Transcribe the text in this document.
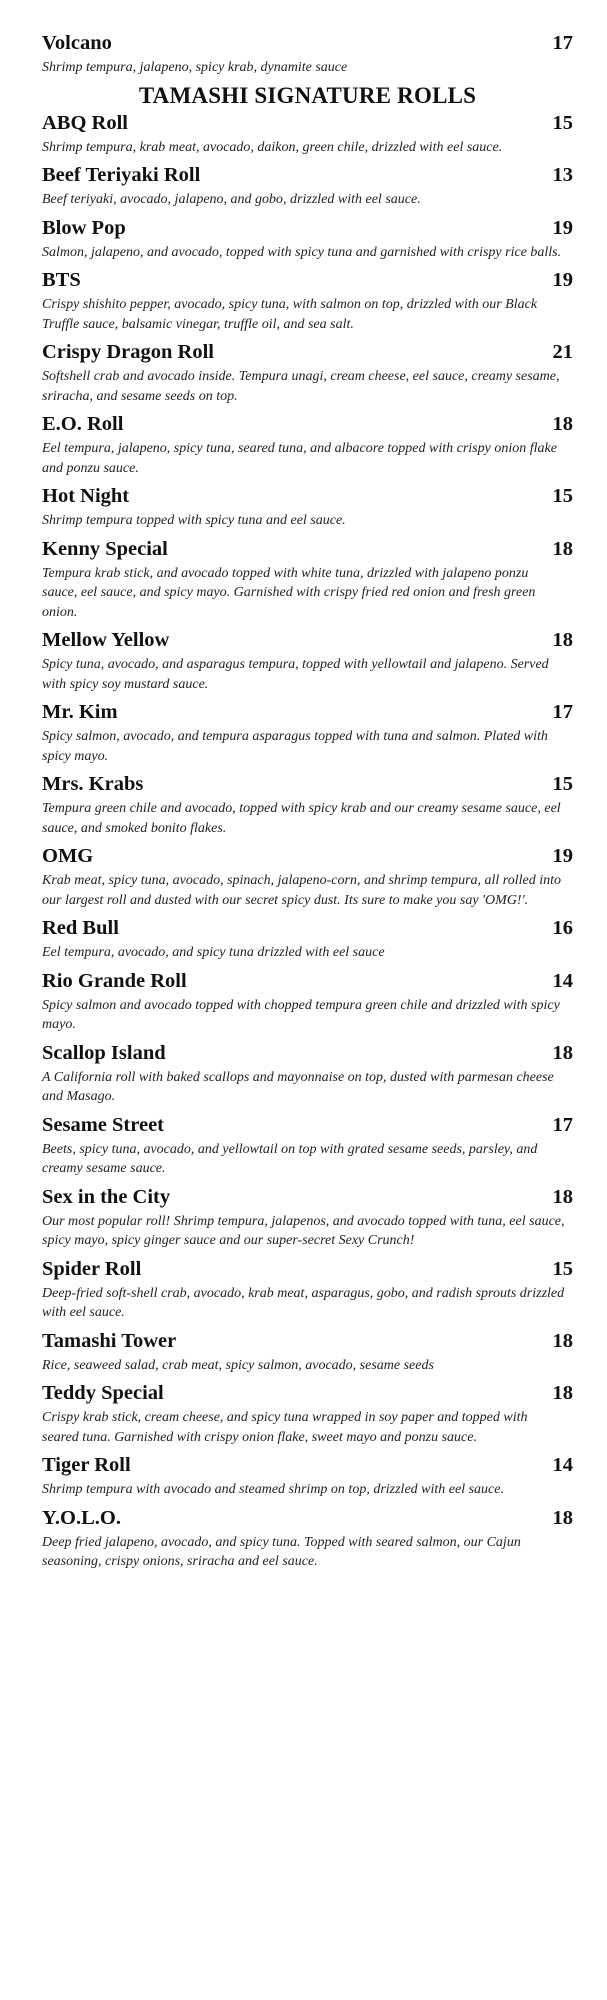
Volcano	17
Shrimp tempura, jalapeno, spicy krab, dynamite sauce
TAMASHI SIGNATURE ROLLS
ABQ Roll	15
Shrimp tempura, krab meat, avocado, daikon, green chile, drizzled with eel sauce.
Beef Teriyaki Roll	13
Beef teriyaki, avocado, jalapeno, and gobo, drizzled with eel sauce.
Blow Pop	19
Salmon, jalapeno, and avocado, topped with spicy tuna and garnished with crispy rice balls.
BTS	19
Crispy shishito pepper, avocado, spicy tuna, with salmon on top, drizzled with our Black Truffle sauce, balsamic vinegar, truffle oil, and sea salt.
Crispy Dragon Roll	21
Softshell crab and avocado inside. Tempura unagi, cream cheese, eel sauce, creamy sesame, sriracha, and sesame seeds on top.
E.O. Roll	18
Eel tempura, jalapeno, spicy tuna, seared tuna, and albacore topped with crispy onion flake and ponzu sauce.
Hot Night	15
Shrimp tempura topped with spicy tuna and eel sauce.
Kenny Special	18
Tempura krab stick, and avocado topped with white tuna, drizzled with jalapeno ponzu sauce, eel sauce, and spicy mayo. Garnished with crispy fried red onion and fresh green onion.
Mellow Yellow	18
Spicy tuna, avocado, and asparagus tempura, topped with yellowtail and jalapeno. Served with spicy soy mustard sauce.
Mr. Kim	17
Spicy salmon, avocado, and tempura asparagus topped with tuna and salmon. Plated with spicy mayo.
Mrs. Krabs	15
Tempura green chile and avocado, topped with spicy krab and our creamy sesame sauce, eel sauce, and smoked bonito flakes.
OMG	19
Krab meat, spicy tuna, avocado, spinach, jalapeno-corn, and shrimp tempura, all rolled into our largest roll and dusted with our secret spicy dust. Its sure to make you say 'OMG!'.
Red Bull	16
Eel tempura, avocado, and spicy tuna drizzled with eel sauce
Rio Grande Roll	14
Spicy salmon and avocado topped with chopped tempura green chile and drizzled with spicy mayo.
Scallop Island	18
A California roll with baked scallops and mayonnaise on top, dusted with parmesan cheese and Masago.
Sesame Street	17
Beets, spicy tuna, avocado, and yellowtail on top with grated sesame seeds, parsley, and creamy sesame sauce.
Sex in the City	18
Our most popular roll! Shrimp tempura, jalapenos, and avocado topped with tuna, eel sauce, spicy mayo, spicy ginger sauce and our super-secret Sexy Crunch!
Spider Roll	15
Deep-fried soft-shell crab, avocado, krab meat, asparagus, gobo, and radish sprouts drizzled with eel sauce.
Tamashi Tower	18
Rice, seaweed salad, crab meat, spicy salmon, avocado, sesame seeds
Teddy Special	18
Crispy krab stick, cream cheese, and spicy tuna wrapped in soy paper and topped with seared tuna. Garnished with crispy onion flake, sweet mayo and ponzu sauce.
Tiger Roll	14
Shrimp tempura with avocado and steamed shrimp on top, drizzled with eel sauce.
Y.O.L.O.	18
Deep fried jalapeno, avocado, and spicy tuna. Topped with seared salmon, our Cajun seasoning, crispy onions, sriracha and eel sauce.
